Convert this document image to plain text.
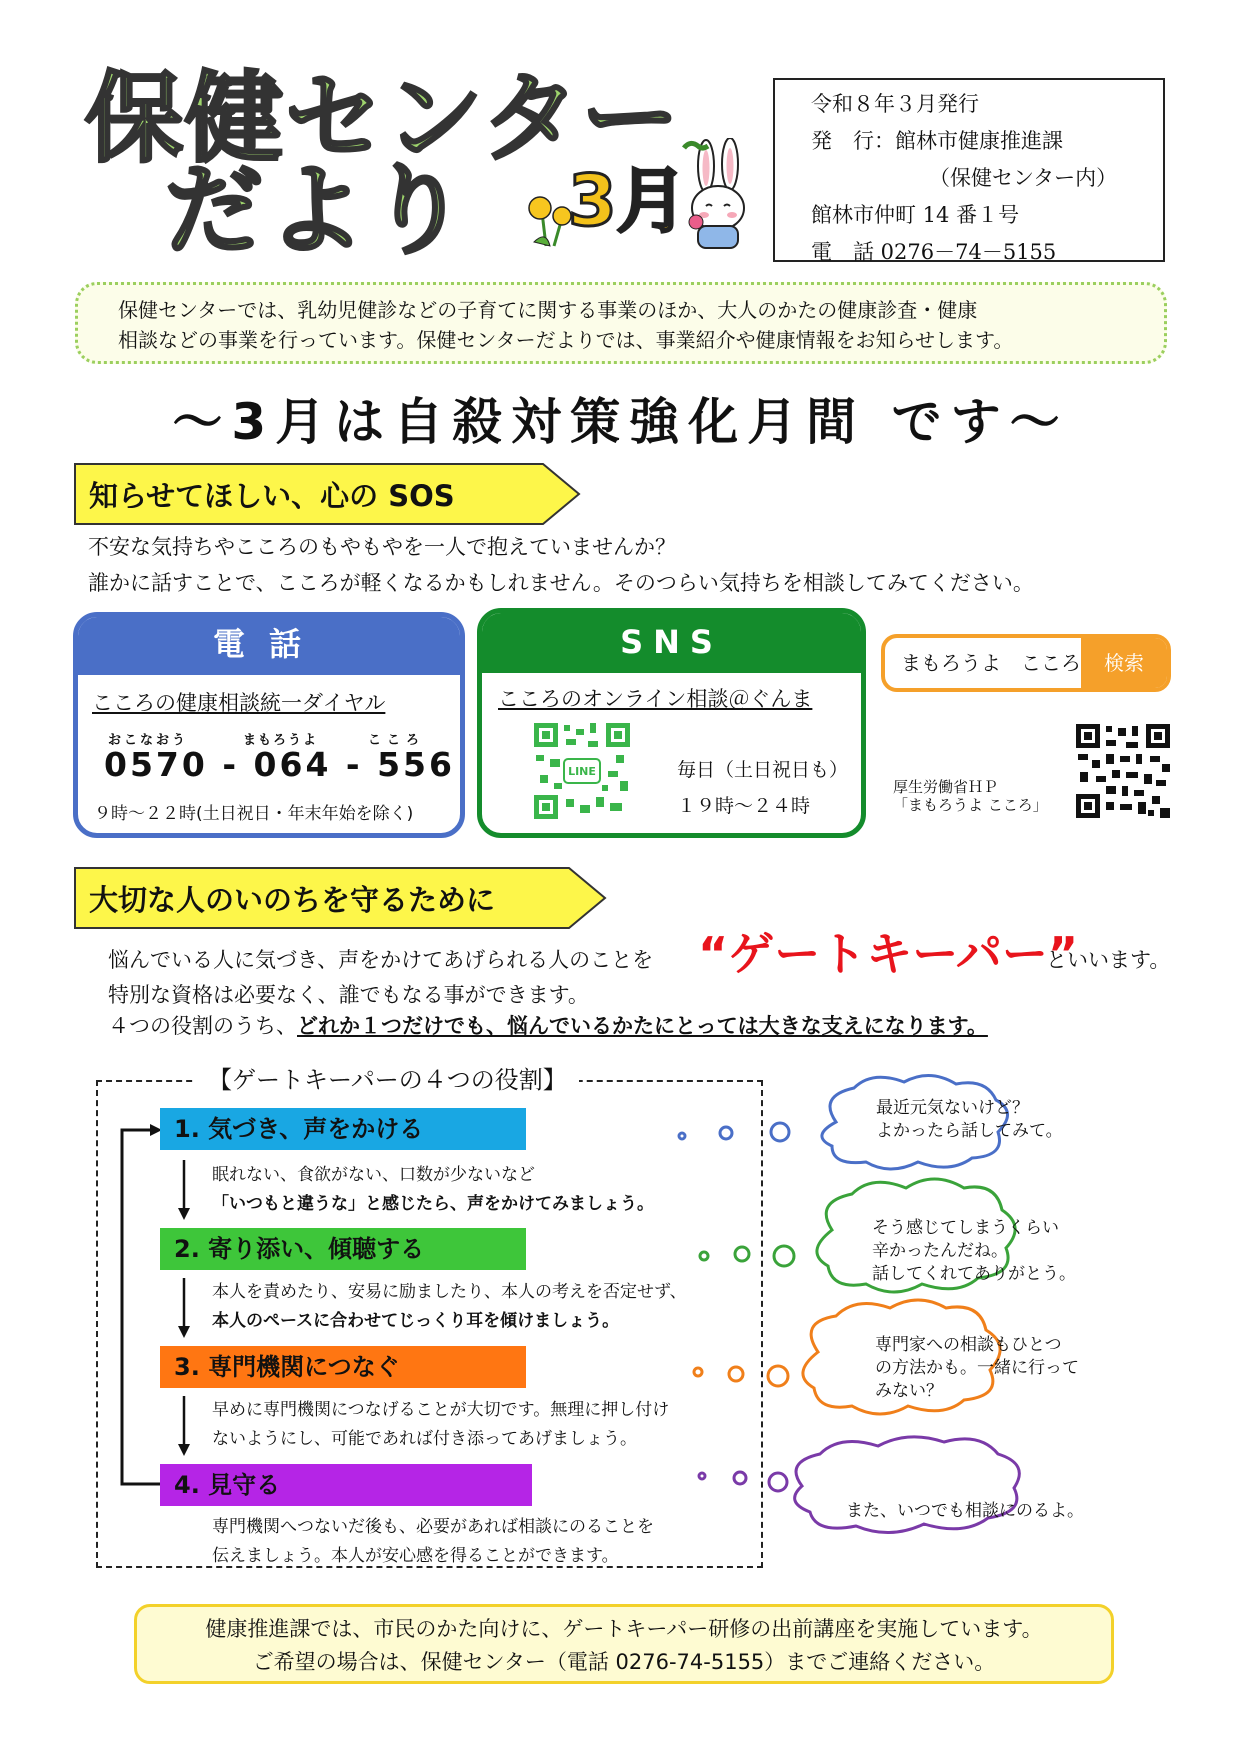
保健センター
だより 3月
令和８年３月発行
発　行：館林市健康推進課
（保健センター内）
館林市仲町 14 番１号
電　話 0276－74－5155
保健センターでは、乳幼児健診などの子育てに関する事業のほか、大人のかたの健康診査・健康
相談などの事業を行っています。保健センターだよりでは、事業紹介や健康情報をお知らせします。
～3月は自殺対策強化月間 です～
知らせてほしい、心の SOS
不安な気持ちやこころのもやもやを一人で抱えていませんか？
誰かに話すことで、こころが軽くなるかもしれません。そのつらい気持ちを相談してみてください。
電話
こころの健康相談統一ダイヤル
おこなおう	まもろうよ	こころ
0570 - 064 - 556
９時～２２時(土日祝日・年末年始を除く)
SNS
こころのオンライン相談＠ぐんま
LINE	毎日（土日祝日も）
１９時～２４時
まもろうよ　こころ	検索
厚生労働省ＨＰ
「まもろうよ こころ」
大切な人のいのちを守るために
悩んでいる人に気づき、声をかけてあげられる人のことを “ゲートキーパー”
といいます。
特別な資格は必要なく、誰でもなる事ができます。
４つの役割のうち、どれか１つだけでも、悩んでいるかたにとっては大きな支えになります。
【ゲートキーパーの４つの役割】
1. 気づき、声をかける
眠れない、食欲がない、口数が少ないなど
「いつもと違うな」と感じたら、声をかけてみましょう。
2. 寄り添い、傾聴する
本人を責めたり、安易に励ましたり、本人の考えを否定せず、
本人のペースに合わせてじっくり耳を傾けましょう。
3. 専門機関につなぐ
早めに専門機関につなげることが大切です。無理に押し付け
ないようにし、可能であれば付き添ってあげましょう。
4. 見守る
専門機関へつないだ後も、必要があれば相談にのることを
伝えましょう。本人が安心感を得ることができます。
最近元気ないけど？
よかったら話してみて。
そう感じてしまうくらい
辛かったんだね。
話してくれてありがとう。
専門家への相談もひとつ
の方法かも。一緒に行って
みない？
また、いつでも相談にのるよ。
健康推進課では、市民のかた向けに、ゲートキーパー研修の出前講座を実施しています。
ご希望の場合は、保健センター（電話 0276-74-5155）までご連絡ください。
